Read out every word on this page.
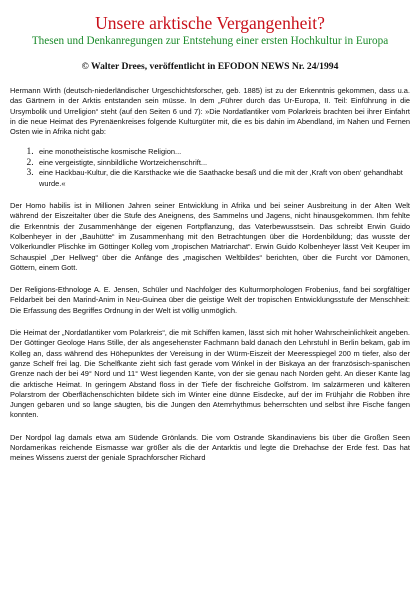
Unsere arktische Vergangenheit?
Thesen und Denkanregungen zur Entstehung einer ersten Hochkultur in Europa
© Walter Drees, veröffentlicht in EFODON NEWS Nr. 24/1994

Hermann Wirth (deutsch-niederländischer Urgeschichtsforscher, geb. 1885) ist zu der Erkenntnis gekommen, dass u.a. das Gärtnern in der Arktis entstanden sein müsse. In dem „Führer durch das Ur-Europa, II. Teil: Einführung in die Ursymbolik und Urreligion“ steht (auf den Seiten 6 und 7): »Die Nordatlantiker vom Polarkreis brachten bei ihrer Einfahrt in die neue Heimat des Pyrenäenkreises folgende Kulturgüter mit, die es bis dahin im Abendland, im Nahen und Fernen Osten wie in Afrika nicht gab:

1. eine monotheistische kosmische Religion...
2. eine vergeistigte, sinnbildliche Wortzeichenschrift...
3. eine Hackbau-Kultur, die die Karsthacke wie die Saathacke besaß und die mit der ‚Kraft von oben‘ gehandhabt wurde.«

Der Homo habilis ist in Millionen Jahren seiner Entwicklung in Afrika und bei seiner Ausbreitung in der Alten Welt während der Eiszeitalter über die Stufe des Aneignens, des Sammelns und Jagens, nicht hinausgekommen. Ihm fehlte die Erkenntnis der Zusammenhänge der eigenen Fortpflanzung, das Vaterbewusstsein. Das schreibt Erwin Guido Kolbenheyer in der „Bauhütte“ im Zusammenhang mit den Betrachtungen über die Hordenbildung; das wusste der Völkerkundler Plischke im Göttinger Kolleg vom „tropischen Matriarchat“. Erwin Guido Kolbenheyer lässt Veit Keuper im Schauspiel „Der Hellweg“ über die Anfänge des „magischen Weltbildes“ berichten, über die Furcht vor Dämonen, Göttern, einem Gott.

Der Religions-Ethnologe A. E. Jensen, Schüler und Nachfolger des Kulturmorphologen Frobenius, fand bei sorgfältiger Feldarbeit bei den Marind-Anim in Neu-Guinea über die geistige Welt der tropischen Entwicklungsstufe der Menschheit: Die Erfassung des Begriffes Ordnung in der Welt ist völlig unmöglich.

Die Heimat der „Nordatlantiker vom Polarkreis“, die mit Schiffen kamen, lässt sich mit hoher Wahrscheinlichkeit angeben. Der Göttinger Geologe Hans Stille, der als angesehenster Fachmann bald danach den Lehrstuhl in Berlin bekam, gab im Kolleg an, dass während des Höhepunktes der Vereisung in der Würm-Eiszeit der Meeresspiegel 200 m tiefer, also der ganze Schelf frei lag. Die Schelfkante zieht sich fast gerade vom Winkel in der Biskaya an der französisch-spanischen Grenze nach der bei 49° Nord und 11° West liegenden Kante, von der sie genau nach Norden geht. An dieser Kante lag die arktische Heimat. In geringem Abstand floss in der Tiefe der fischreiche Golfstrom. Im salzärmeren und kälteren Polarstrom der Oberflächenschichten bildete sich im Winter eine dünne Eisdecke, auf der im Frühjahr die Robben ihre Jungen gebaren und so lange säugten, bis die Jungen den Atemrhythmus beherrschten und selbst ihre Fische fangen konnten.

Der Nordpol lag damals etwa am Südende Grönlands. Die vom Ostrande Skandinaviens bis über die Großen Seen Nordamerikas reichende Eismasse war größer als die der Antarktis und legte die Drehachse der Erde fest. Das hat meines Wissens zuerst der geniale Sprachforscher Richard
